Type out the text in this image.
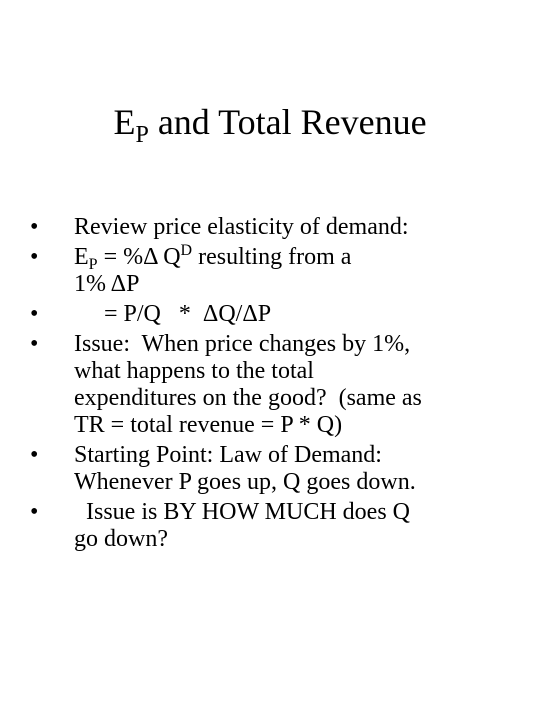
$E_P$ and Total Revenue
•	Review price elasticity of demand:
•	$E_P = \%\Delta$ $Q^D$ resulting from a
1% ΔP
•	= P/Q   *  ΔQ/ΔP
•	Issue:  When price changes by 1%,
what happens to the total
expenditures on the good?  (same as
TR = total revenue = P * Q)
•	Starting Point: Law of Demand:
Whenever P goes up, Q goes down.
•	Issue is BY HOW MUCH does Q
go down?
